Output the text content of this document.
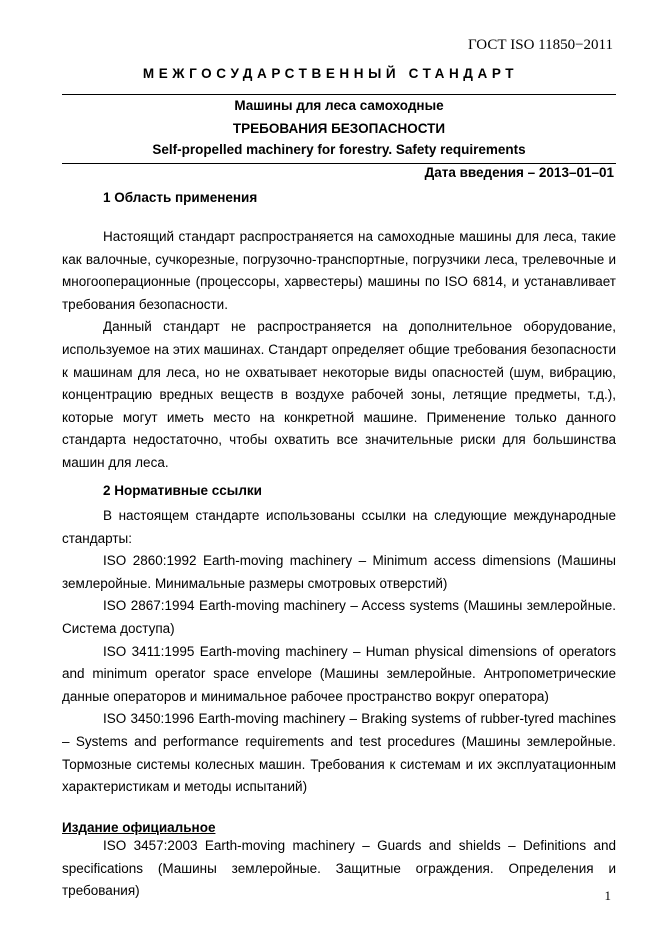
ГОСТ ISO 11850−2011
МЕЖГОСУДАРСТВЕННЫЙ СТАНДАРТ
Машины для леса самоходные
ТРЕБОВАНИЯ БЕЗОПАСНОСТИ
Self-propelled machinery for forestry. Safety requirements
Дата введения – 2013–01–01
1 Область применения

Настоящий стандарт распространяется на самоходные машины для леса, такие как валочные, сучкорезные, погрузочно-транспортные, погрузчики леса, трелевочные и многооперационные (процессоры, харвестеры) машины по ISO 6814, и устанавливает требования безопасности.

Данный стандарт не распространяется на дополнительное оборудование, используемое на этих машинах. Стандарт определяет общие требования безопасности к машинам для леса, но не охватывает некоторые виды опасностей (шум, вибрацию, концентрацию вредных веществ в воздухе рабочей зоны, летящие предметы, т.д.), которые могут иметь место на конкретной машине. Применение только данного стандарта недостаточно, чтобы охватить все значительные риски для большинства машин для леса.

2 Нормативные ссылки

В настоящем стандарте использованы ссылки на следующие международные стандарты:

ISO 2860:1992 Earth-moving machinery – Minimum access dimensions (Машины землеройные. Минимальные размеры смотровых отверстий)

ISO 2867:1994 Earth-moving machinery – Access systems (Машины землеройные. Система доступа)

ISO 3411:1995 Earth-moving machinery – Human physical dimensions of operators and minimum operator space envelope (Машины землеройные. Антропометрические данные операторов и минимальное рабочее пространство вокруг оператора)

ISO 3450:1996 Earth-moving machinery – Braking systems of rubber-tyred machines – Systems and performance requirements and test procedures (Машины землеройные. Тормозные системы колесных машин. Требования к системам и их эксплуатационным характеристикам и методы испытаний)

Издание официальное

ISO 3457:2003 Earth-moving machinery – Guards and shields – Definitions and specifications (Машины землеройные. Защитные ограждения. Определения и требования)	1
